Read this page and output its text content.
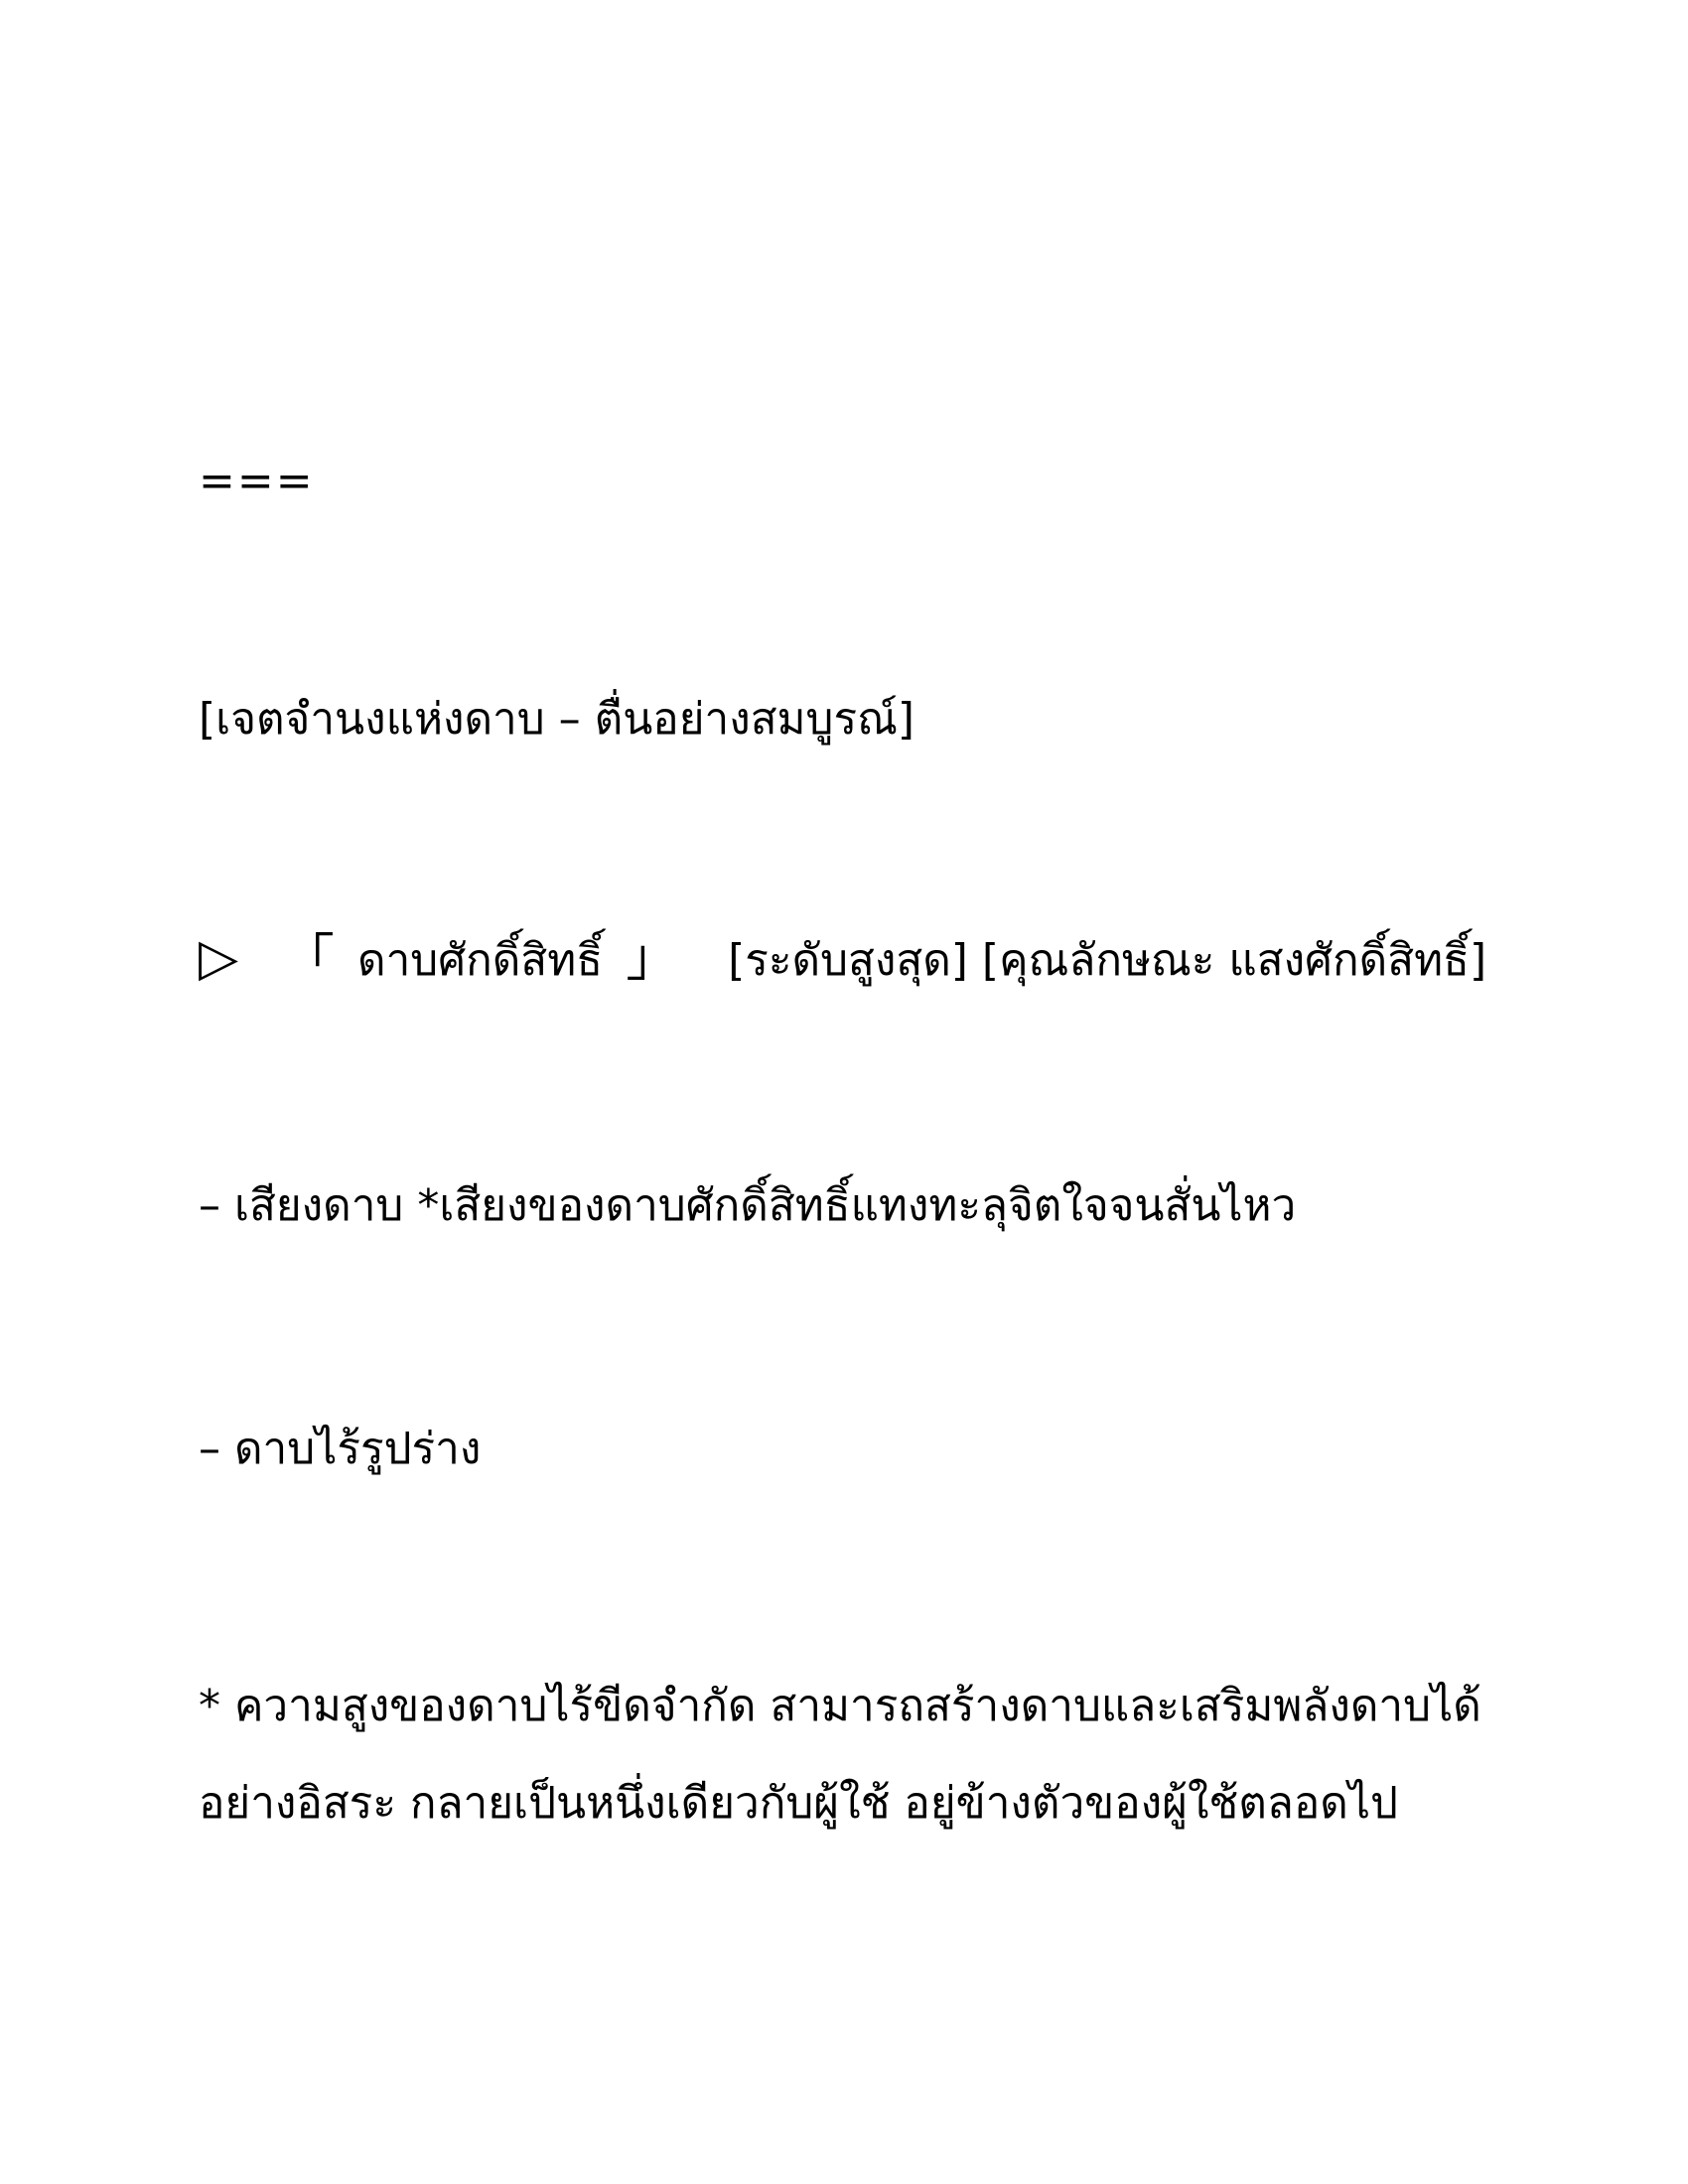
===
[เจตจำนงแห่งดาบ – ตื่นอย่างสมบูรณ์]
▷ 「 ดาบศักดิ์สิทธิ์ 」 [ระดับสูงสุด] [คุณลักษณะ แสงศักดิ์สิทธิ์]
– เสียงดาบ *เสียงของดาบศักดิ์สิทธิ์แทงทะลุจิตใจจนสั่นไหว
– ดาบไร้รูปร่าง
* ความสูงของดาบไร้ขีดจำกัด สามารถสร้างดาบและเสริมพลังดาบได้
อย่างอิสระ กลายเป็นหนึ่งเดียวกับผู้ใช้ อยู่ข้างตัวของผู้ใช้ตลอดไป
